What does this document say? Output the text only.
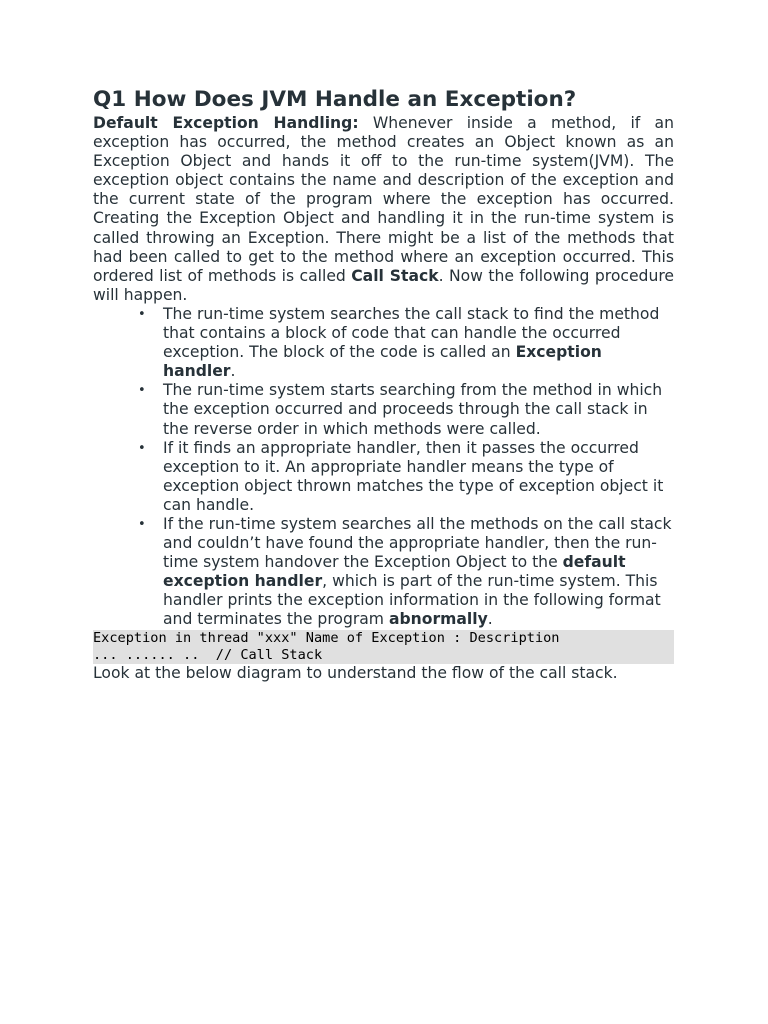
Q1 How Does JVM Handle an Exception?

Default Exception Handling: Whenever inside a method, if an exception has occurred, the method creates an Object known as an Exception Object and hands it off to the run-time system(JVM). The exception object contains the name and description of the exception and the current state of the program where the exception has occurred. Creating the Exception Object and handling it in the run-time system is called throwing an Exception. There might be a list of the methods that had been called to get to the method where an exception occurred. This ordered list of methods is called Call Stack. Now the following procedure will happen.

• The run-time system searches the call stack to find the method that contains a block of code that can handle the occurred exception. The block of the code is called an Exception handler.
• The run-time system starts searching from the method in which the exception occurred and proceeds through the call stack in the reverse order in which methods were called.
• If it finds an appropriate handler, then it passes the occurred exception to it. An appropriate handler means the type of exception object thrown matches the type of exception object it can handle.
• If the run-time system searches all the methods on the call stack and couldn’t have found the appropriate handler, then the run-time system handover the Exception Object to the default exception handler, which is part of the run-time system. This handler prints the exception information in the following format and terminates the program abnormally.
Exception in thread "xxx" Name of Exception : Description
... ...... ..  // Call Stack

Look at the below diagram to understand the flow of the call stack.
